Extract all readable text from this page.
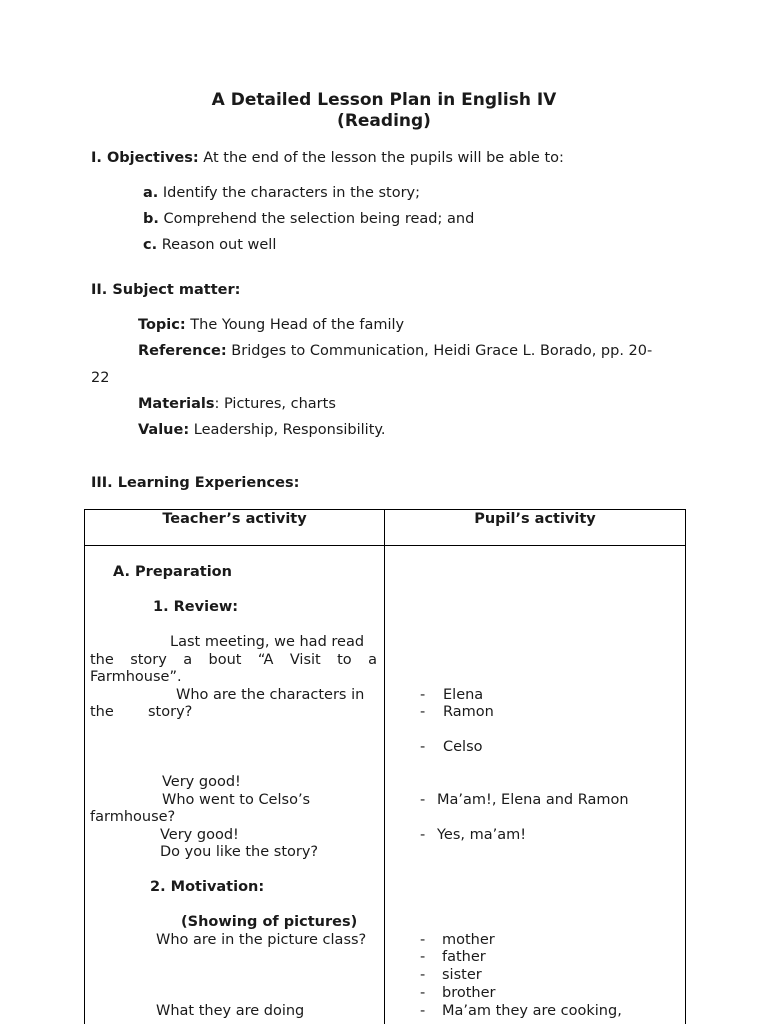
A Detailed Lesson Plan in English IV
(Reading)
I. Objectives: At the end of the lesson the pupils will be able to:
a. Identify the characters in the story;
b. Comprehend the selection being read; and
c. Reason out well
II. Subject matter:
Topic: The Young Head of the family
Reference: Bridges to Communication, Heidi Grace L. Borado, pp. 20-
22
Materials: Pictures, charts
Value: Leadership, Responsibility.
III. Learning Experiences:
Teacher’s activity	Pupil’s activity
A. Preparation
1. Review:
Last meeting, we had read
the story a bout “A Visit to a
Farmhouse”.
Who are the characters in
the story?
Very good!
Who went to Celso’s
farmhouse?
Very good!
Do you like the story?
2. Motivation:
(Showing of pictures)
Who are in the picture class?
What they are doing
- Elena
- Ramon
- Celso
- Ma’am!, Elena and Ramon
- Yes, ma’am!
- mother
- father
- sister
- brother
- Ma’am they are cooking,
